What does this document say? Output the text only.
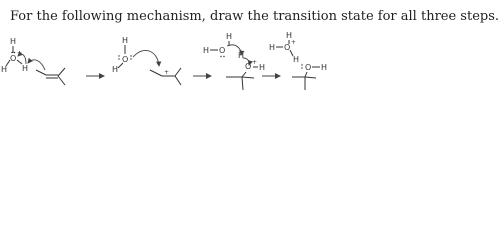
For the following mechanism, draw the transition state for all three steps.
H
O
+
H H
H
O
H	+
H
H O
H
O +
H
H
H O
+
H
O H
